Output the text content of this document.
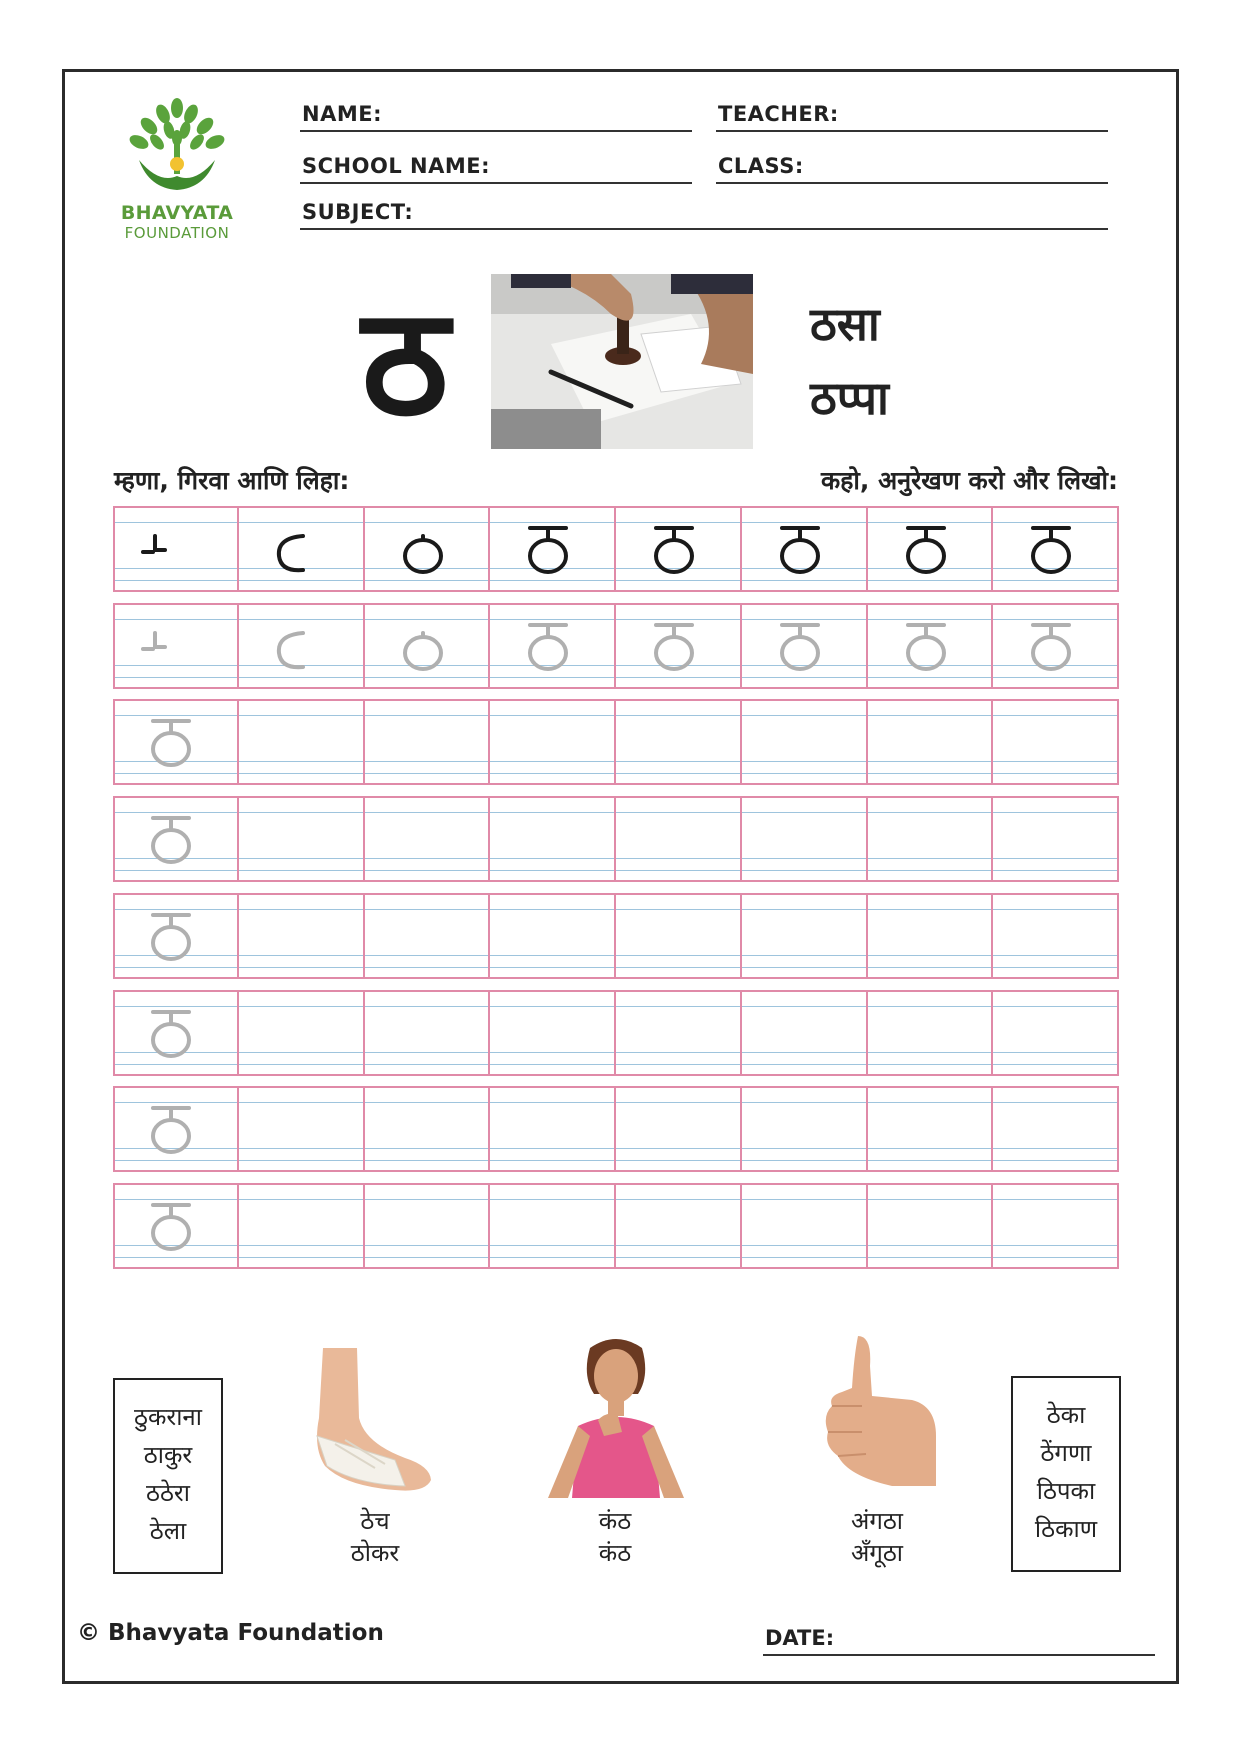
BHAVYATA
FOUNDATION
NAME:	TEACHER:
SCHOOL NAME:	CLASS:
SUBJECT:
ठ	ठसा
ठप्पा
म्हणा, गिरवा आणि लिहा:	कहो, अनुरेखण करो और लिखो:
ठुकराना
ठाकुर
ठठेरा
ठेला
ठेका
ठेंगणा
ठिपका
ठिकाण
ठेच
ठोकर
कंठ
कंठ
अंगठा
अँगूठा
© Bhavyata Foundation	DATE:
